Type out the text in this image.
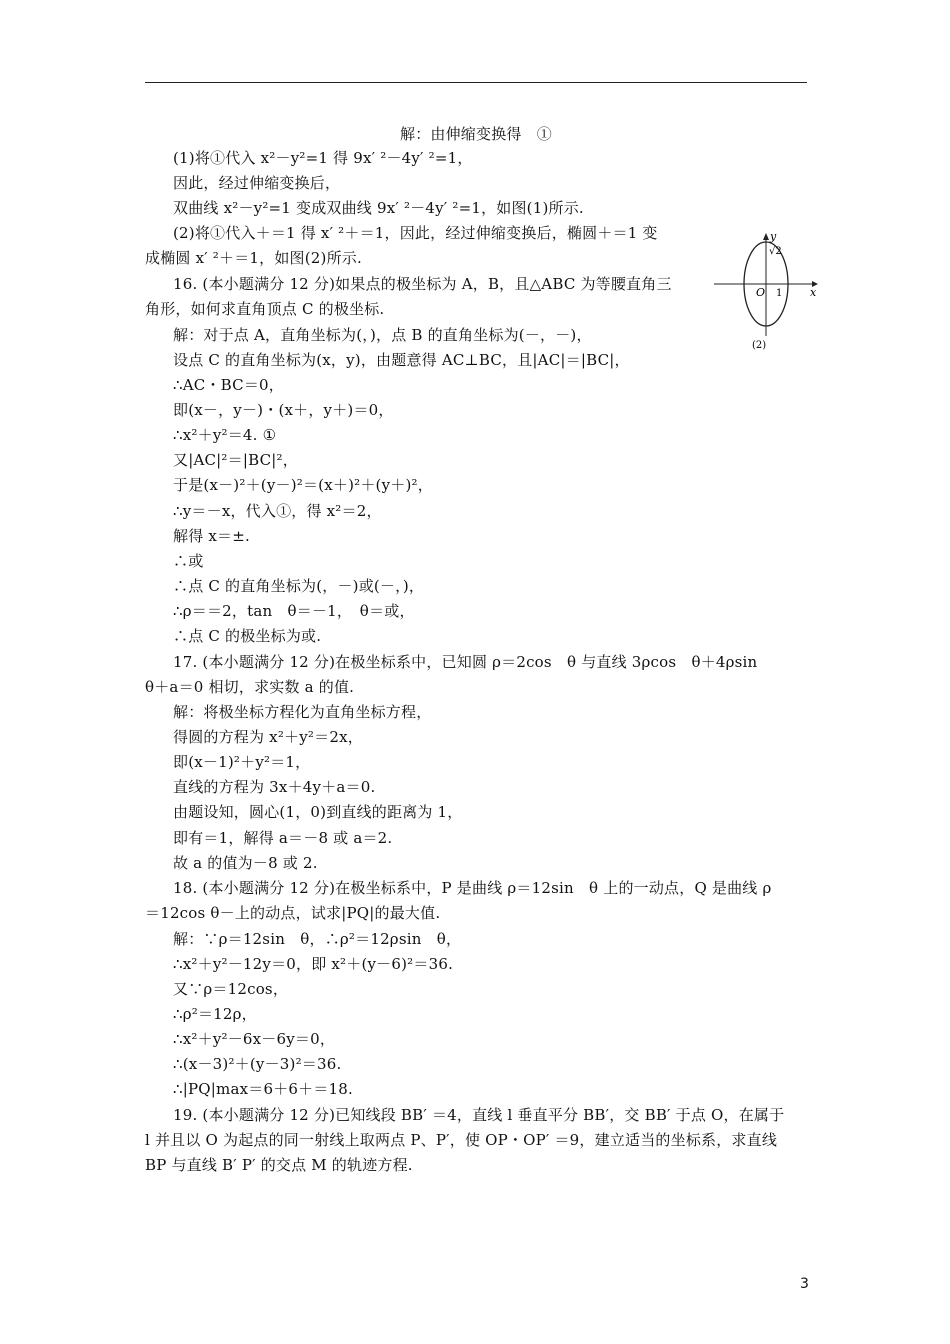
解：由伸缩变换得　①
(1)将①代入 x²－y²=1 得 9x′ ²－4y′ ²=1，
因此，经过伸缩变换后，
双曲线 x²－y²=1 变成双曲线 9x′ ²－4y′ ²=1，如图(1)所示.
(2)将①代入＋＝1 得 x′ ²＋＝1，因此，经过伸缩变换后，椭圆＋＝1 变
成椭圆 x′ ²＋＝1，如图(2)所示.
16. (本小题满分 12 分)如果点的极坐标为 A，B，且△ABC 为等腰直角三
角形，如何求直角顶点 C 的极坐标.
解：对于点 A，直角坐标为(，)，点 B 的直角坐标为(－，－)，
设点 C 的直角坐标为(x，y)，由题意得 AC⊥BC，且|AC|＝|BC|，
∴AC・BC＝0，
即(x－，y－)・(x＋，y＋)＝0，
∴x²＋y²＝4. ①
又|AC|²＝|BC|²，
于是(x－)²＋(y－)²＝(x＋)²＋(y＋)²，
∴y＝－x，代入①，得 x²＝2，
解得 x＝±.
∴或
∴点 C 的直角坐标为(，－)或(－，)，
∴ρ＝＝2，tan　θ＝－1，　θ＝或，
∴点 C 的极坐标为或.
17. (本小题满分 12 分)在极坐标系中，已知圆 ρ＝2cos　θ 与直线 3ρcos　θ＋4ρsin
θ＋a＝0 相切，求实数 a 的值.
解：将极坐标方程化为直角坐标方程，
得圆的方程为 x²＋y²＝2x，
即(x－1)²＋y²＝1，
直线的方程为 3x＋4y＋a＝0.
由题设知，圆心(1，0)到直线的距离为 1，
即有＝1，解得 a＝－8 或 a＝2.
故 a 的值为－8 或 2.
18. (本小题满分 12 分)在极坐标系中，P 是曲线 ρ＝12sin　θ 上的一动点，Q 是曲线 ρ
＝12cos θ－上的动点，试求|PQ|的最大值.
解：∵ρ＝12sin　θ，∴ρ²＝12ρsin　θ，
∴x²＋y²－12y＝0，即 x²＋(y－6)²＝36.
又∵ρ＝12cos，
∴ρ²＝12ρ，
∴x²＋y²－6x－6y＝0，
∴(x－3)²＋(y－3)²＝36.
∴|PQ|max＝6＋6＋＝18.
19. (本小题满分 12 分)已知线段 BB′ ＝4，直线 l 垂直平分 BB′，交 BB′ 于点 O，在属于
l 并且以 O 为起点的同一射线上取两点 P、P′，使 OP・OP′ ＝9，建立适当的坐标系，求直线
BP 与直线 B′ P′ 的交点 M 的轨迹方程.
y
x
O 1
√2
(2)
3
